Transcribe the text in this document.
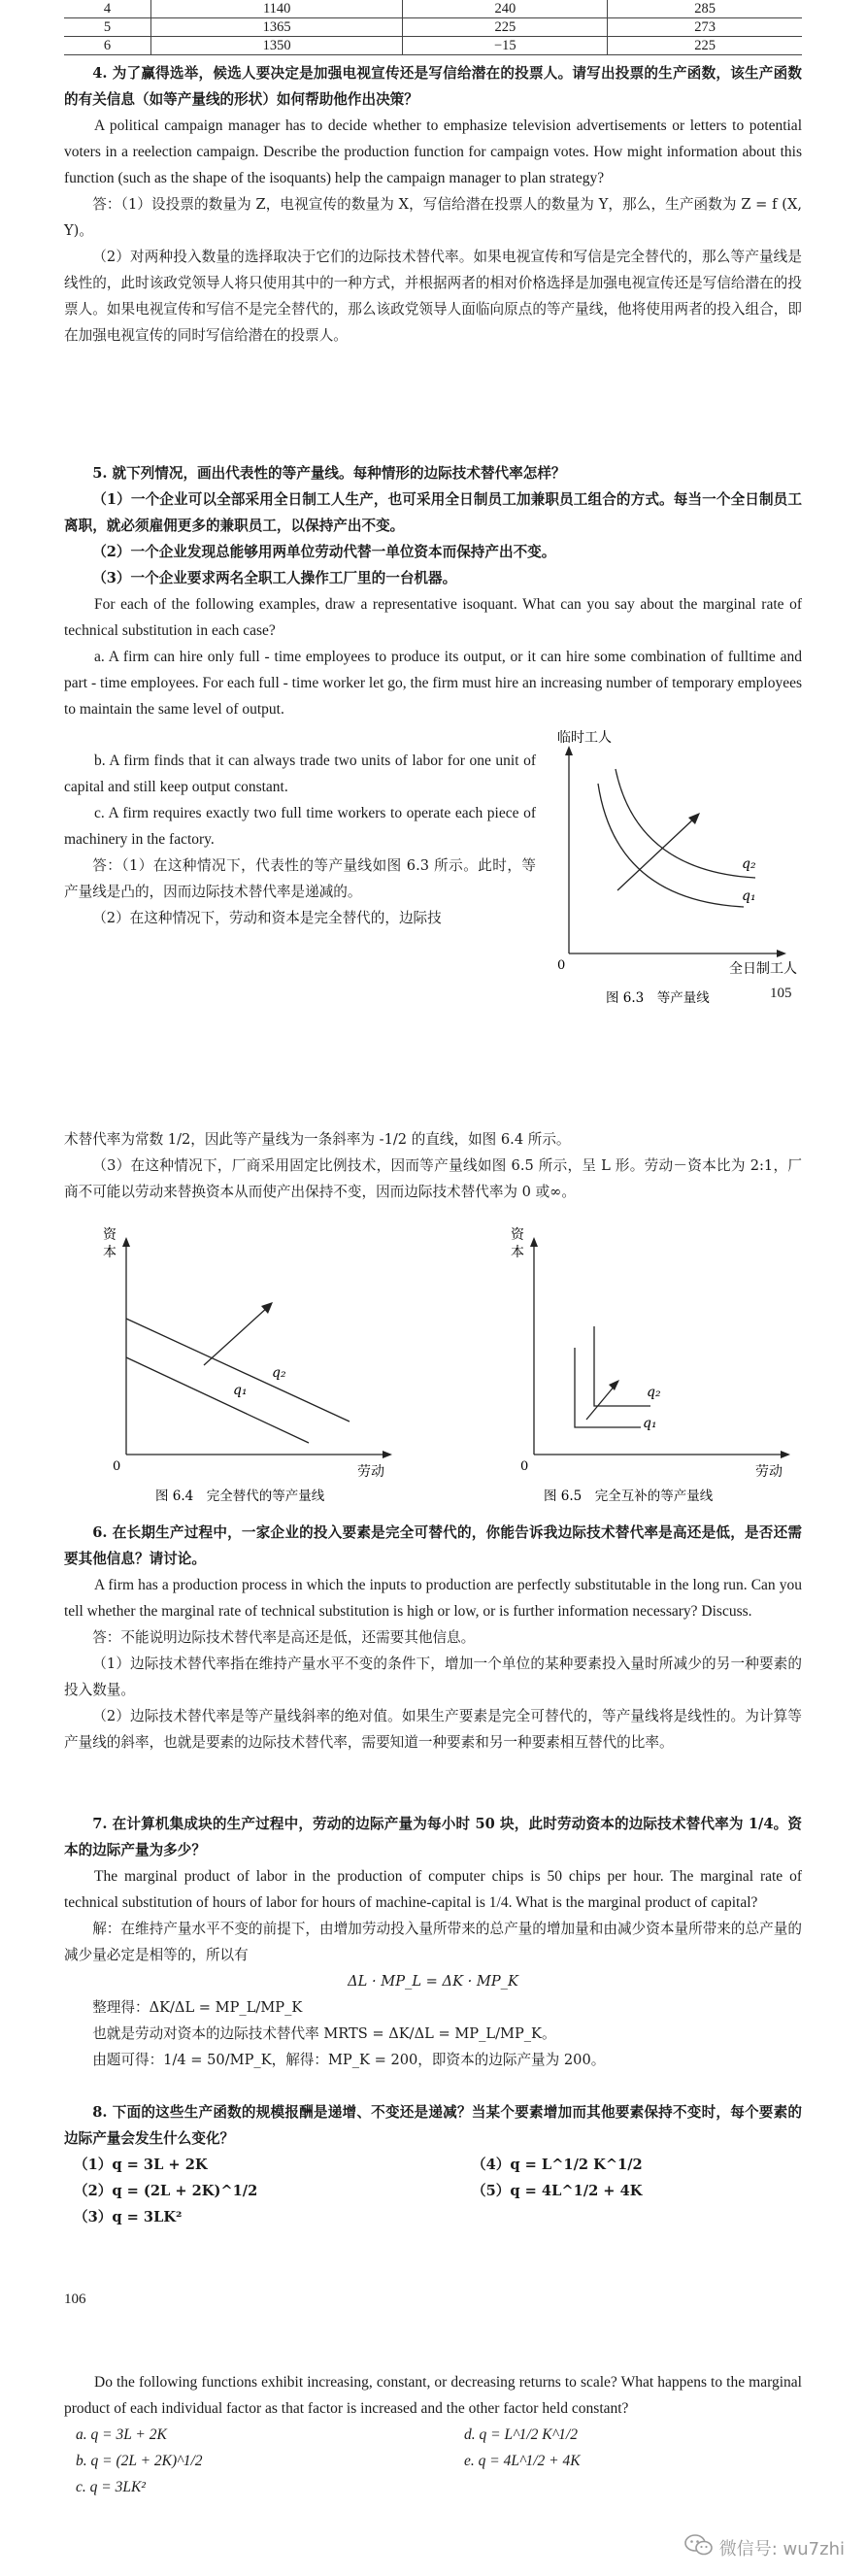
4	1140	240	285
5	1365	225	273
6	1350	−15	225

4. 为了赢得选举，候选人要决定是加强电视宣传还是写信给潜在的投票人。请写出投票的生产函数，该生产函数的有关信息（如等产量线的形状）如何帮助他作出决策？

A political campaign manager has to decide whether to emphasize television advertisements or letters to potential voters in a reelection campaign. Describe the production function for campaign votes. How might information about this function (such as the shape of the isoquants) help the campaign manager to plan strategy?

答：（1）设投票的数量为 Z，电视宣传的数量为 X，写信给潜在投票人的数量为 Y，那么，生产函数为 Z = f (X, Y)。

（2）对两种投入数量的选择取决于它们的边际技术替代率。如果电视宣传和写信是完全替代的，那么等产量线是线性的，此时该政党领导人将只使用其中的一种方式，并根据两者的相对价格选择是加强电视宣传还是写信给潜在的投票人。如果电视宣传和写信不是完全替代的，那么该政党领导人面临向原点的等产量线，他将使用两者的投入组合，即在加强电视宣传的同时写信给潜在的投票人。

5. 就下列情况，画出代表性的等产量线。每种情形的边际技术替代率怎样？

（1）一个企业可以全部采用全日制工人生产，也可采用全日制员工加兼职员工组合的方式。每当一个全日制员工离职，就必须雇佣更多的兼职员工，以保持产出不变。

（2）一个企业发现总能够用两单位劳动代替一单位资本而保持产出不变。

（3）一个企业要求两名全职工人操作工厂里的一台机器。

For each of the following examples, draw a representative isoquant. What can you say about the marginal rate of technical substitution in each case?

a. A firm can hire only full - time employees to produce its output, or it can hire some combination of fulltime and part - time employees. For each full - time worker let go, the firm must hire an increasing number of temporary employees to maintain the same level of output.

b. A firm finds that it can always trade two units of labor for one unit of capital and still keep output constant.

c. A firm requires exactly two full time workers to operate each piece of machinery in the factory.

答：（1）在这种情况下，代表性的等产量线如图 6.3 所示。此时，等产量线是凸的，因而边际技术替代率是递减的。

（2）在这种情况下，劳动和资本是完全替代的，边际技

0
临时工人
全日制工人
q₂
q₁
图 6.3　等产量线	105

术替代率为常数 1/2，因此等产量线为一条斜率为 -1/2 的直线，如图 6.4 所示。

（3）在这种情况下，厂商采用固定比例技术，因而等产量线如图 6.5 所示，呈 L 形。劳动－资本比为 2:1，厂商不可能以劳动来替换资本从而使产出保持不变，因而边际技术替代率为 0 或∞。

资
本
0	劳动
q₂
q₁
图 6.4　完全替代的等产量线
资
本
0	劳动
q₂
q₁
图 6.5　完全互补的等产量线

6. 在长期生产过程中，一家企业的投入要素是完全可替代的，你能告诉我边际技术替代率是高还是低，是否还需要其他信息？请讨论。

A firm has a production process in which the inputs to production are perfectly substitutable in the long run. Can you tell whether the marginal rate of technical substitution is high or low, or is further information necessary? Discuss.

答：不能说明边际技术替代率是高还是低，还需要其他信息。

（1）边际技术替代率指在维持产量水平不变的条件下，增加一个单位的某种要素投入量时所减少的另一种要素的投入数量。

（2）边际技术替代率是等产量线斜率的绝对值。如果生产要素是完全可替代的，等产量线将是线性的。为计算等产量线的斜率，也就是要素的边际技术替代率，需要知道一种要素和另一种要素相互替代的比率。

7. 在计算机集成块的生产过程中，劳动的边际产量为每小时 50 块，此时劳动资本的边际技术替代率为 1/4。资本的边际产量为多少？

The marginal product of labor in the production of computer chips is 50 chips per hour. The marginal rate of technical substitution of hours of labor for hours of machine-capital is 1/4. What is the marginal product of capital?

解：在维持产量水平不变的前提下，由增加劳动投入量所带来的总产量的增加量和由减少资本量所带来的总产量的减少量必定是相等的，所以有

ΔL · MP_L = ΔK · MP_K

整理得：ΔK/ΔL = MP_L/MP_K

也就是劳动对资本的边际技术替代率 MRTS = ΔK/ΔL = MP_L/MP_K。

由题可得：1/4 = 50/MP_K，解得：MP_K = 200，即资本的边际产量为 200。

8. 下面的这些生产函数的规模报酬是递增、不变还是递减？当某个要素增加而其他要素保持不变时，每个要素的边际产量会发生什么变化？

（1）q = 3L + 2K	（4）q = L^1/2 K^1/2
（2）q = (2L + 2K)^1/2	（5）q = 4L^1/2 + 4K
（3）q = 3LK²
106

Do the following functions exhibit increasing, constant, or decreasing returns to scale? What happens to the marginal product of each individual factor as that factor is increased and the other factor held constant?

a. q = 3L + 2K	d. q = L^1/2 K^1/2
b. q = (2L + 2K)^1/2	e. q = 4L^1/2 + 4K
c. q = 3LK²
微信号: wu7zhi
